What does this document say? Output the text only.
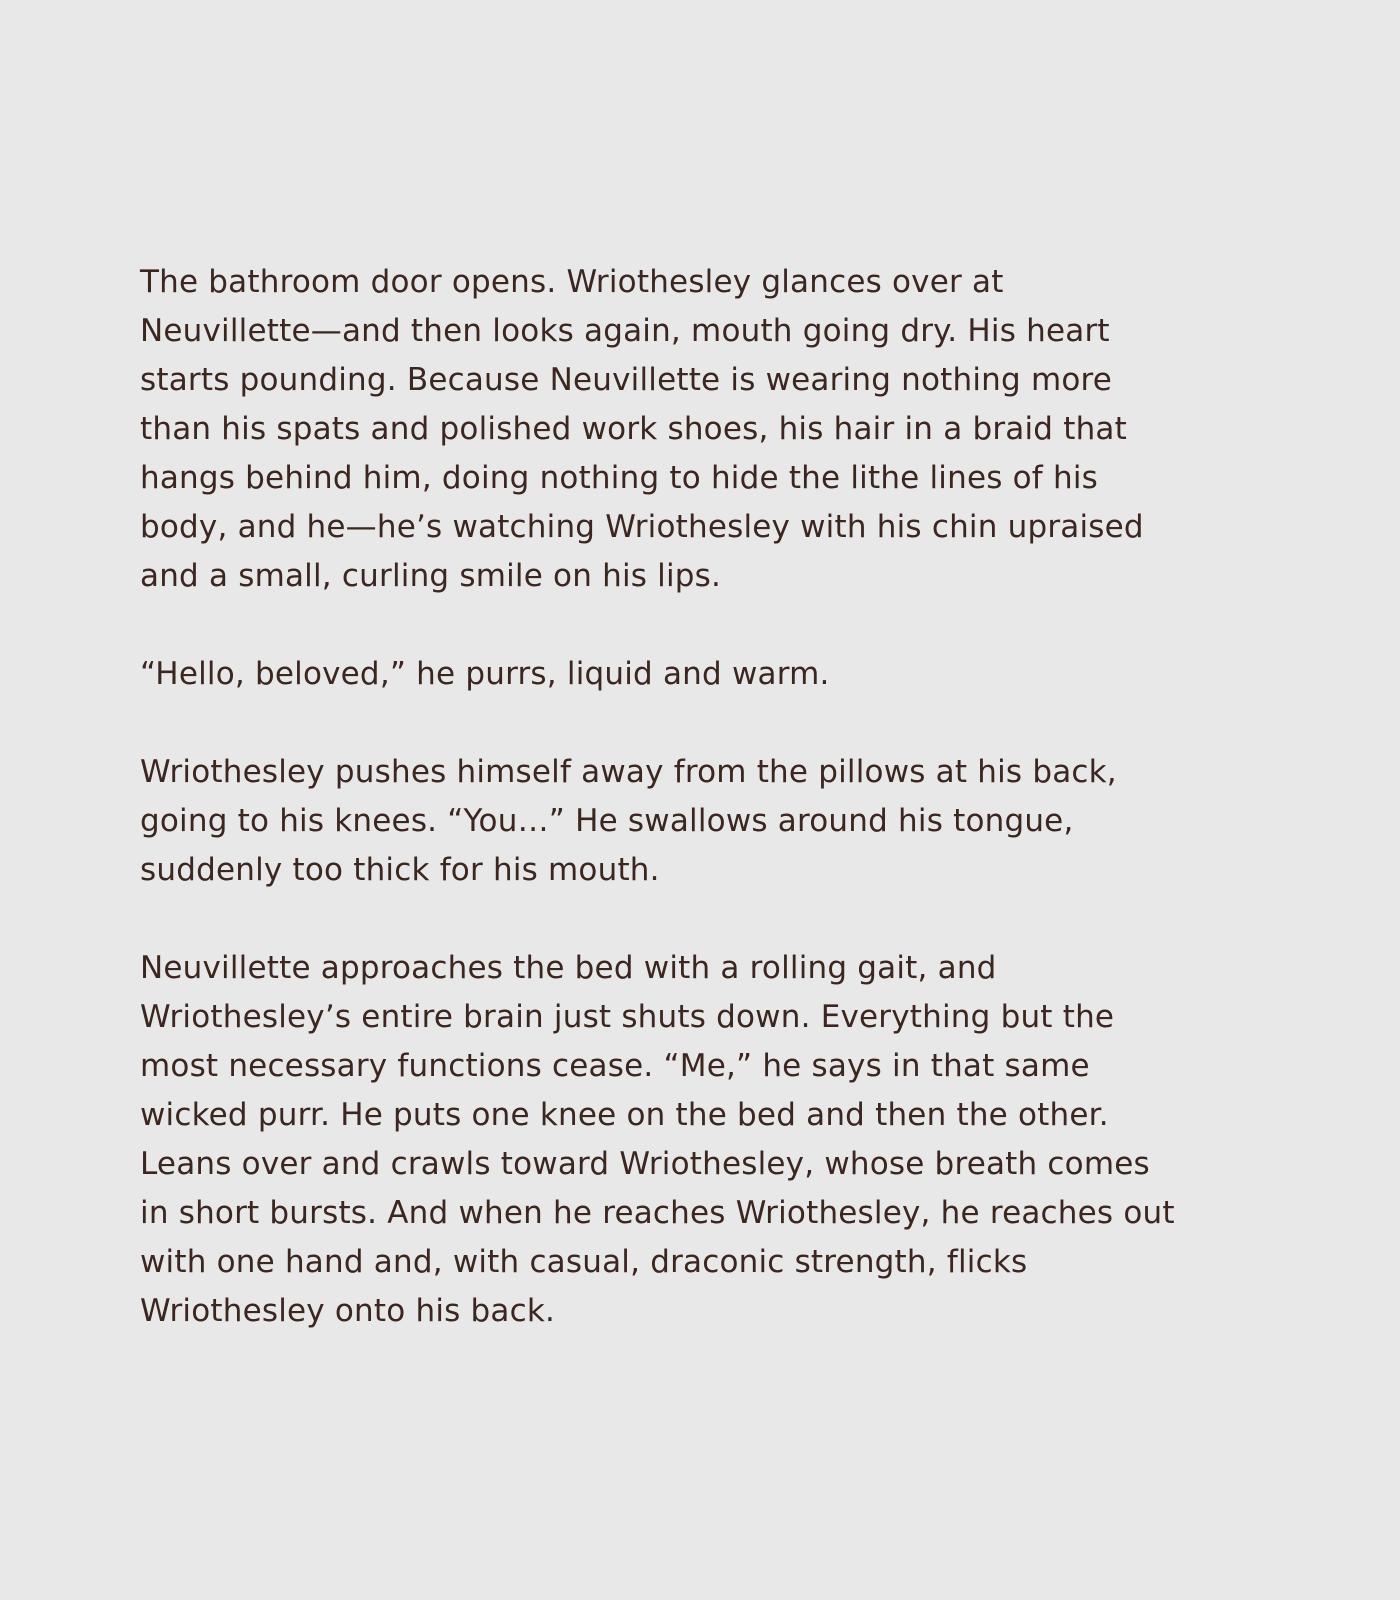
The bathroom door opens. Wriothesley glances over at
Neuvillette—and then looks again, mouth going dry. His heart
starts pounding. Because Neuvillette is wearing nothing more
than his spats and polished work shoes, his hair in a braid that
hangs behind him, doing nothing to hide the lithe lines of his
body, and he—he’s watching Wriothesley with his chin upraised
and a small, curling smile on his lips.

“Hello, beloved,” he purrs, liquid and warm.

Wriothesley pushes himself away from the pillows at his back,
going to his knees. “You…” He swallows around his tongue,
suddenly too thick for his mouth.

Neuvillette approaches the bed with a rolling gait, and
Wriothesley’s entire brain just shuts down. Everything but the
most necessary functions cease. “Me,” he says in that same
wicked purr. He puts one knee on the bed and then the other.
Leans over and crawls toward Wriothesley, whose breath comes
in short bursts. And when he reaches Wriothesley, he reaches out
with one hand and, with casual, draconic strength, flicks
Wriothesley onto his back.
